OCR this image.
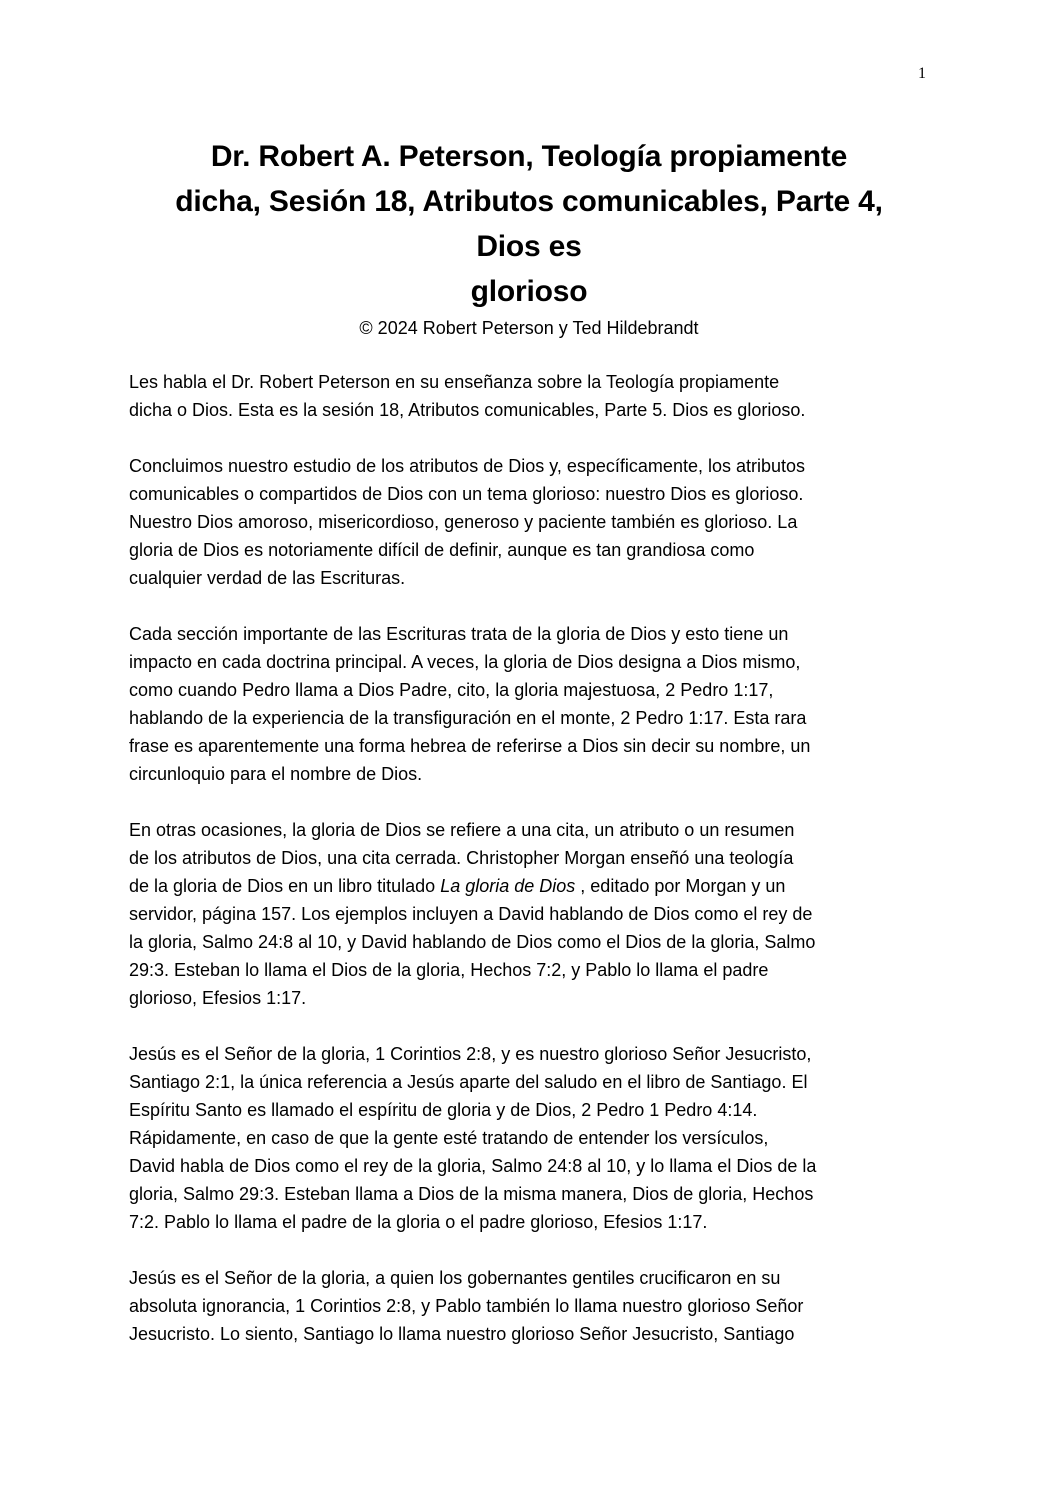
1
Dr. Robert A. Peterson, Teología propiamente
dicha, Sesión 18, Atributos comunicables, Parte 4,
Dios es
glorioso
© 2024 Robert Peterson y Ted Hildebrandt

Les habla el Dr. Robert Peterson en su enseñanza sobre la Teología propiamente
dicha o Dios. Esta es la sesión 18, Atributos comunicables, Parte 5. Dios es glorioso.

Concluimos nuestro estudio de los atributos de Dios y, específicamente, los atributos
comunicables o compartidos de Dios con un tema glorioso: nuestro Dios es glorioso.
Nuestro Dios amoroso, misericordioso, generoso y paciente también es glorioso. La
gloria de Dios es notoriamente difícil de definir, aunque es tan grandiosa como
cualquier verdad de las Escrituras.

Cada sección importante de las Escrituras trata de la gloria de Dios y esto tiene un
impacto en cada doctrina principal. A veces, la gloria de Dios designa a Dios mismo,
como cuando Pedro llama a Dios Padre, cito, la gloria majestuosa, 2 Pedro 1:17,
hablando de la experiencia de la transfiguración en el monte, 2 Pedro 1:17. Esta rara
frase es aparentemente una forma hebrea de referirse a Dios sin decir su nombre, un
circunloquio para el nombre de Dios.

En otras ocasiones, la gloria de Dios se refiere a una cita, un atributo o un resumen
de los atributos de Dios, una cita cerrada. Christopher Morgan enseñó una teología
de la gloria de Dios en un libro titulado La gloria de Dios , editado por Morgan y un
servidor, página 157. Los ejemplos incluyen a David hablando de Dios como el rey de
la gloria, Salmo 24:8 al 10, y David hablando de Dios como el Dios de la gloria, Salmo
29:3. Esteban lo llama el Dios de la gloria, Hechos 7:2, y Pablo lo llama el padre
glorioso, Efesios 1:17.

Jesús es el Señor de la gloria, 1 Corintios 2:8, y es nuestro glorioso Señor Jesucristo,
Santiago 2:1, la única referencia a Jesús aparte del saludo en el libro de Santiago. El
Espíritu Santo es llamado el espíritu de gloria y de Dios, 2 Pedro 1 Pedro 4:14.
Rápidamente, en caso de que la gente esté tratando de entender los versículos,
David habla de Dios como el rey de la gloria, Salmo 24:8 al 10, y lo llama el Dios de la
gloria, Salmo 29:3. Esteban llama a Dios de la misma manera, Dios de gloria, Hechos
7:2. Pablo lo llama el padre de la gloria o el padre glorioso, Efesios 1:17.

Jesús es el Señor de la gloria, a quien los gobernantes gentiles crucificaron en su
absoluta ignorancia, 1 Corintios 2:8, y Pablo también lo llama nuestro glorioso Señor
Jesucristo. Lo siento, Santiago lo llama nuestro glorioso Señor Jesucristo, Santiago
